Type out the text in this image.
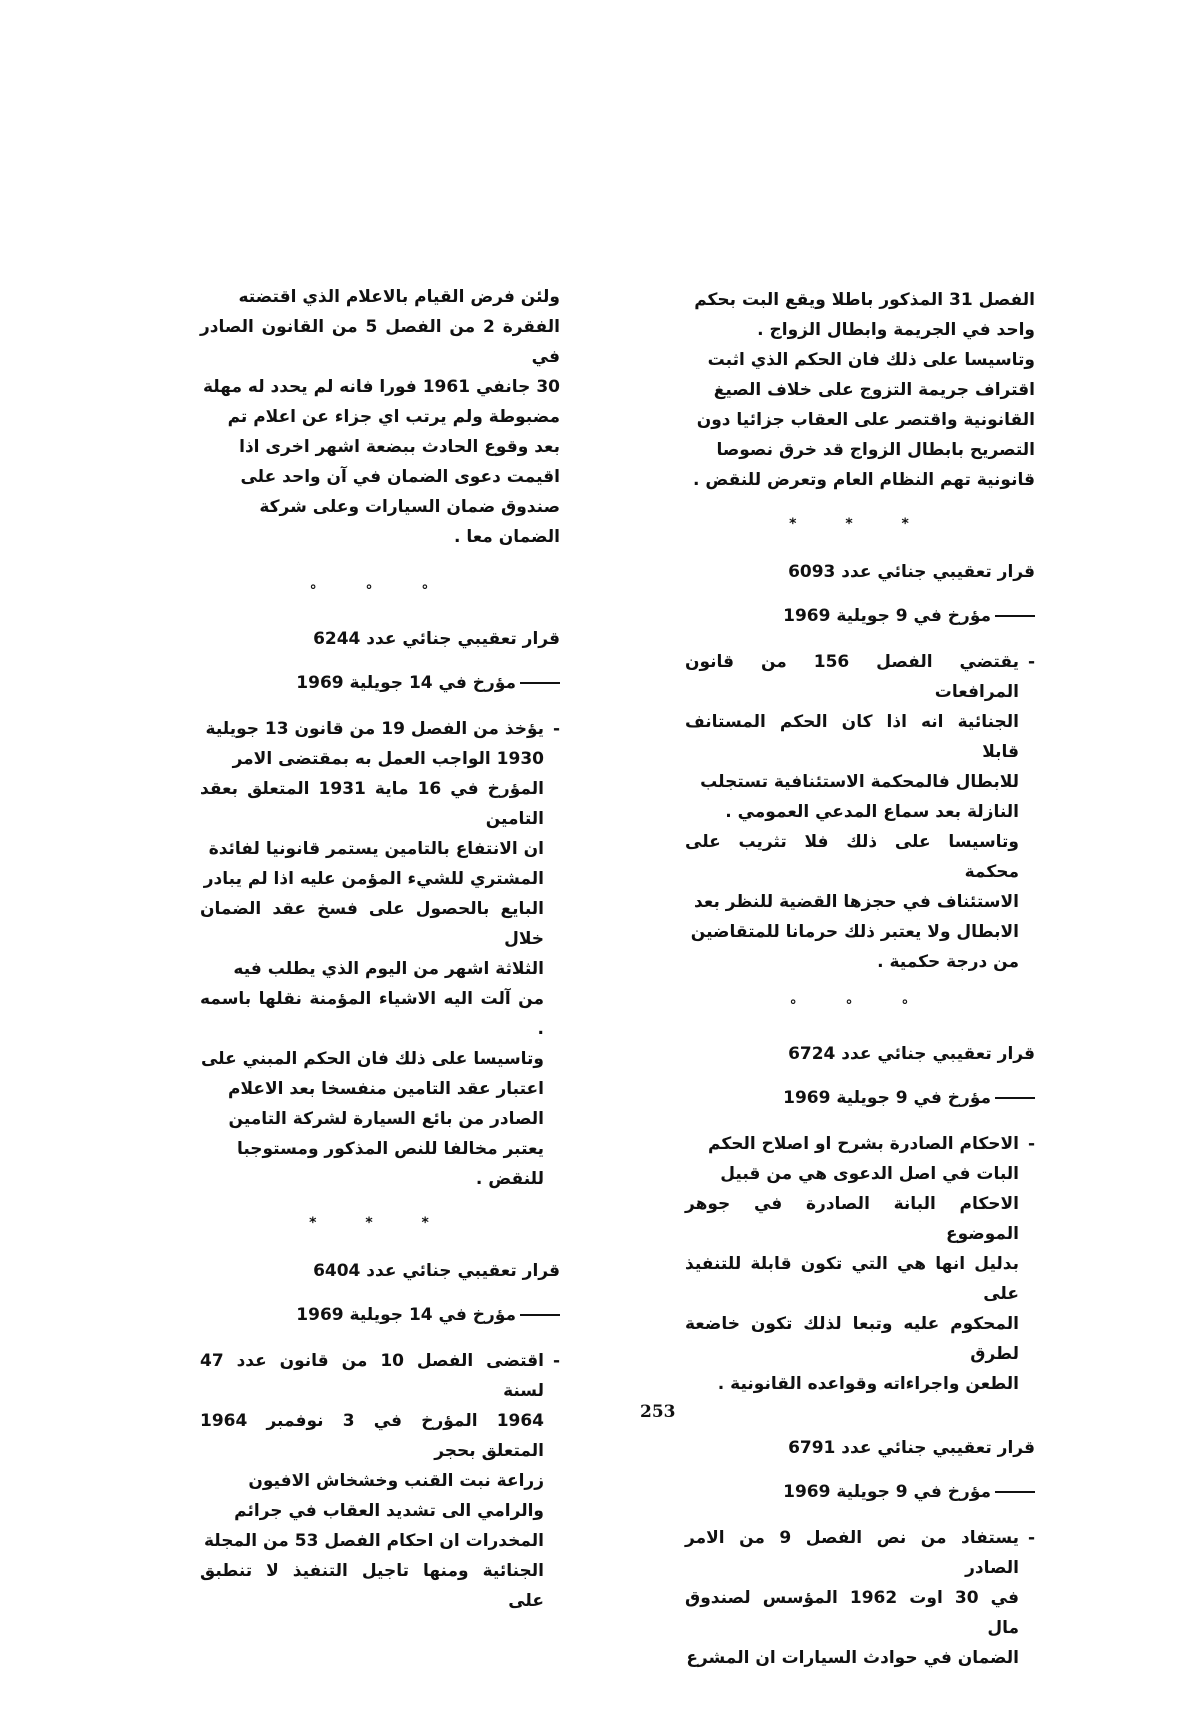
الفصل 31 المذكور باطلا ويقع البت بحكم
واحد في الجريمة وابطال الزواج .
وتاسيسا على ذلك فان الحكم الذي اثبت
اقتراف جريمة التزوج على خلاف الصيغ
القانونية واقتصر على العقاب جزائيا دون
التصريح بابطال الزواج قد خرق نصوصا
قانونية تهم النظام العام وتعرض للنقض .
* * *
قرار تعقيبي جنائي عدد 6093
مؤرخ في 9 جويلية 1969
- يقتضي الفصل 156 من قانون المرافعات
الجنائية انه اذا كان الحكم المستانف قابلا
للابطال فالمحكمة الاستئنافية تستجلب
النازلة بعد سماع المدعي العمومي .
وتاسيسا على ذلك فلا تثريب على محكمة
الاستئناف في حجزها القضية للنظر بعد
الابطال ولا يعتبر ذلك حرمانا للمتقاضين
من درجة حكمية .
° ° °
قرار تعقيبي جنائي عدد 6724
مؤرخ في 9 جويلية 1969
- الاحكام الصادرة بشرح او اصلاح الحكم
البات في اصل الدعوى هي من قبيل
الاحكام البانة الصادرة في جوهر الموضوع
بدليل انها هي التي تكون قابلة للتنفيذ على
المحكوم عليه وتبعا لذلك تكون خاضعة لطرق
الطعن واجراءاته وقواعده القانونية .
قرار تعقيبي جنائي عدد 6791
مؤرخ في 9 جويلية 1969
- يستفاد من نص الفصل 9 من الامر الصادر
في 30 اوت 1962 المؤسس لصندوق مال
الضمان في حوادث السيارات ان المشرع
ولئن فرض القيام بالاعلام الذي اقتضته
الفقرة 2 من الفصل 5 من القانون الصادر في
30 جانفي 1961 فورا فانه لم يحدد له مهلة
مضبوطة ولم يرتب اي جزاء عن اعلام تم
بعد وقوع الحادث ببضعة اشهر اخرى اذا
اقيمت دعوى الضمان في آن واحد على
صندوق ضمان السيارات وعلى شركة
الضمان معا .
° ° °
قرار تعقيبي جنائي عدد 6244
مؤرخ في 14 جويلية 1969
- يؤخذ من الفصل 19 من قانون 13 جويلية
1930 الواجب العمل به بمقتضى الامر
المؤرخ في 16 ماية 1931 المتعلق بعقد التامين
ان الانتفاع بالتامين يستمر قانونيا لفائدة
المشتري للشيء المؤمن عليه اذا لم يبادر
البايع بالحصول على فسخ عقد الضمان خلال
الثلاثة اشهر من اليوم الذي يطلب فيه
من آلت اليه الاشياء المؤمنة نقلها باسمه .
وتاسيسا على ذلك فان الحكم المبني على
اعتبار عقد التامين منفسخا بعد الاعلام
الصادر من بائع السيارة لشركة التامين
يعتبر مخالفا للنص المذكور ومستوجبا
للنقض .
* * *
قرار تعقيبي جنائي عدد 6404
مؤرخ في 14 جويلية 1969
- اقتضى الفصل 10 من قانون عدد 47 لسنة
1964 المؤرخ في 3 نوفمبر 1964 المتعلق بحجر
زراعة نبت القنب وخشخاش الافيون
والرامي الى تشديد العقاب في جرائم
المخدرات ان احكام الفصل 53 من المجلة
الجنائية ومنها تاجيل التنفيذ لا تنطبق على
253
